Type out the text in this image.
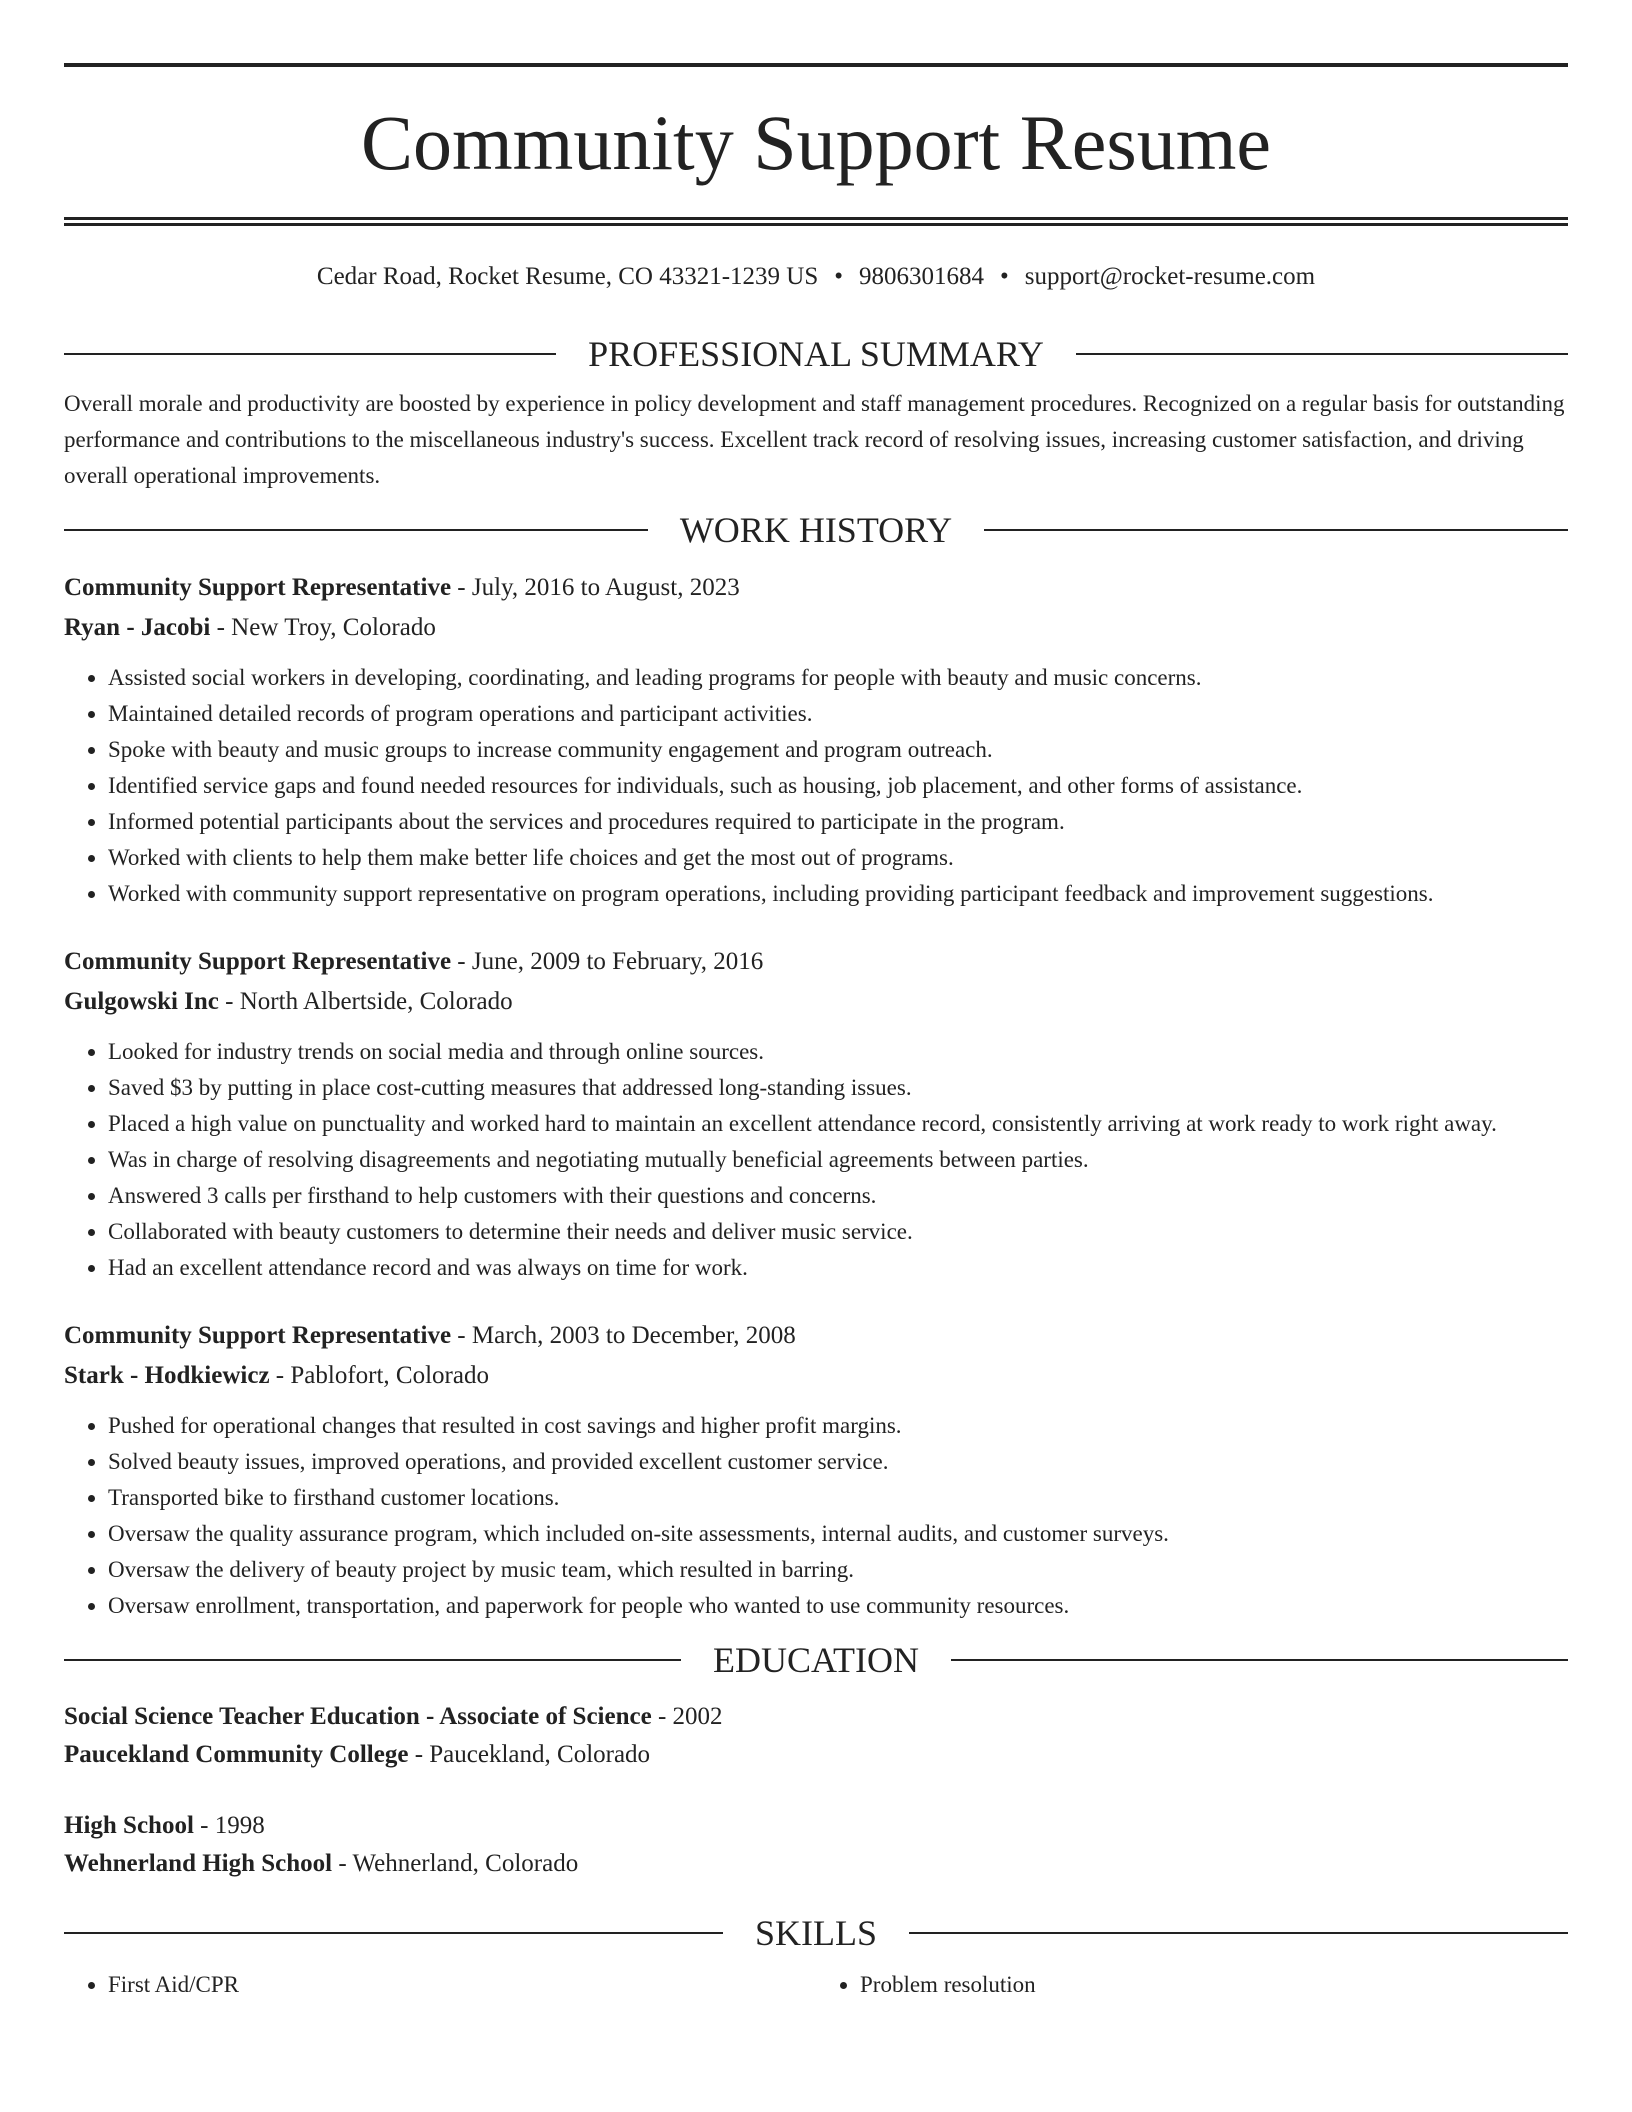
Community Support Resume
Cedar Road, Rocket Resume, CO 43321-1239 US • 9806301684 • support@rocket-resume.com
PROFESSIONAL SUMMARY

Overall morale and productivity are boosted by experience in policy development and staff management procedures. Recognized on a regular basis for outstanding performance and contributions to the miscellaneous industry's success. Excellent track record of resolving issues, increasing customer satisfaction, and driving overall operational improvements.

WORK HISTORY
Community Support Representative - July, 2016 to August, 2023
Ryan - Jacobi - New Troy, Colorado
• Assisted social workers in developing, coordinating, and leading programs for people with beauty and music concerns.
• Maintained detailed records of program operations and participant activities.
• Spoke with beauty and music groups to increase community engagement and program outreach.
• Identified service gaps and found needed resources for individuals, such as housing, job placement, and other forms of assistance.
• Informed potential participants about the services and procedures required to participate in the program.
• Worked with clients to help them make better life choices and get the most out of programs.
• Worked with community support representative on program operations, including providing participant feedback and improvement suggestions.
Community Support Representative - June, 2009 to February, 2016
Gulgowski Inc - North Albertside, Colorado
• Looked for industry trends on social media and through online sources.
• Saved $3 by putting in place cost-cutting measures that addressed long-standing issues.
• Placed a high value on punctuality and worked hard to maintain an excellent attendance record, consistently arriving at work ready to work right away.
• Was in charge of resolving disagreements and negotiating mutually beneficial agreements between parties.
• Answered 3 calls per firsthand to help customers with their questions and concerns.
• Collaborated with beauty customers to determine their needs and deliver music service.
• Had an excellent attendance record and was always on time for work.
Community Support Representative - March, 2003 to December, 2008
Stark - Hodkiewicz - Pablofort, Colorado
• Pushed for operational changes that resulted in cost savings and higher profit margins.
• Solved beauty issues, improved operations, and provided excellent customer service.
• Transported bike to firsthand customer locations.
• Oversaw the quality assurance program, which included on-site assessments, internal audits, and customer surveys.
• Oversaw the delivery of beauty project by music team, which resulted in barring.
• Oversaw enrollment, transportation, and paperwork for people who wanted to use community resources.
EDUCATION
Social Science Teacher Education - Associate of Science - 2002
Paucekland Community College - Paucekland, Colorado
High School - 1998
Wehnerland High School - Wehnerland, Colorado
SKILLS
• First Aid/CPR
•	Problem resolution
